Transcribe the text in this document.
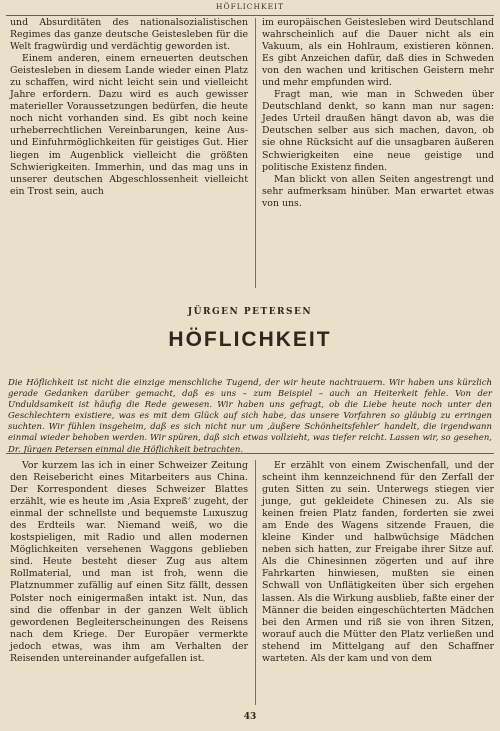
HÖFLICHKEIT

und Absurditäten des nationalsozialistischen Regimes das ganze deutsche Geistesleben für die Welt fragwürdig und verdächtig geworden ist.

Einem anderen, einem erneuerten deutschen Geistesleben in diesem Lande wieder einen Platz zu schaffen, wird nicht leicht sein und vielleicht Jahre erfordern. Dazu wird es auch gewisser materieller Voraussetzungen bedürfen, die heute noch nicht vorhanden sind. Es gibt noch keine urheberrechtlichen Vereinbarungen, keine Aus- und Einfuhrmöglichkeiten für geistiges Gut. Hier liegen im Augenblick vielleicht die größten Schwierigkeiten. Immerhin, und das mag uns in unserer deutschen Abgeschlossenheit vielleicht ein Trost sein, auch

im europäischen Geistesleben wird Deutschland wahrscheinlich auf die Dauer nicht als ein Vakuum, als ein Hohlraum, existieren können. Es gibt Anzeichen dafür, daß dies in Schweden von den wachen und kritischen Geistern mehr und mehr empfunden wird.

Fragt man, wie man in Schweden über Deutschland denkt, so kann man nur sagen: Jedes Urteil draußen hängt davon ab, was die Deutschen selber aus sich machen, davon, ob sie ohne Rücksicht auf die unsagbaren äußeren Schwierigkeiten eine neue geistige und politische Existenz finden.

Man blickt von allen Seiten angestrengt und sehr aufmerksam hinüber. Man erwartet etwas von uns.

JÜRGEN PETERSEN
HÖFLICHKEIT
Die Höflichkeit ist nicht die einzige menschliche Tugend, der wir heute nachtrauern. Wir haben uns kürzlich gerade Gedanken darüber gemacht, daß es uns – zum Beispiel – auch an Heiterkeit fehle. Von der Unduldsamkeit ist häufig die Rede gewesen. Wir haben uns gefragt, ob die Liebe heute noch unter den Geschlechtern existiere, was es mit dem Glück auf sich habe, das unsere Vorfahren so gläubig zu erringen suchten. Wir fühlen insgeheim, daß es sich nicht nur um ‚äußere Schönheitsfehler‘ handelt, die irgendwann einmal wieder behoben werden. Wir spüren, daß sich etwas vollzieht, was tiefer reicht. Lassen wir, so gesehen, Dr. Jürgen Petersen einmal die Höflichkeit betrachten.

Vor kurzem las ich in einer Schweizer Zeitung den Reisebericht eines Mitarbeiters aus China. Der Korrespondent dieses Schweizer Blattes erzählt, wie es heute im ‚Asia Expreß‘ zugeht, der einmal der schnellste und bequemste Luxuszug des Erdteils war. Niemand weiß, wo die kostspieligen, mit Radio und allen modernen Möglichkeiten versehenen Waggons geblieben sind. Heute besteht dieser Zug aus altem Rollmaterial, und man ist froh, wenn die Platznummer zufällig auf einen Sitz fällt, dessen Polster noch einigermaßen intakt ist. Nun, das sind die offenbar in der ganzen Welt üblich gewordenen Begleiterscheinungen des Reisens nach dem Kriege. Der Europäer vermerkte jedoch etwas, was ihm am Verhalten der Reisenden untereinander aufgefallen ist.

Er erzählt von einem Zwischenfall, und der scheint ihm kennzeichnend für den Zerfall der guten Sitten zu sein. Unterwegs stiegen vier junge, gut gekleidete Chinesen zu. Als sie keinen freien Platz fanden, forderten sie zwei am Ende des Wagens sitzende Frauen, die kleine Kinder und halbwüchsige Mädchen neben sich hatten, zur Freigabe ihrer Sitze auf. Als die Chinesinnen zögerten und auf ihre Fahrkarten hinwiesen, mußten sie einen Schwall von Unflätigkeiten über sich ergehen lassen. Als die Wirkung ausblieb, faßte einer der Männer die beiden eingeschüchterten Mädchen bei den Armen und riß sie von ihren Sitzen, worauf auch die Mütter den Platz verließen und stehend im Mittelgang auf den Schaffner warteten. Als der kam und von dem

43
